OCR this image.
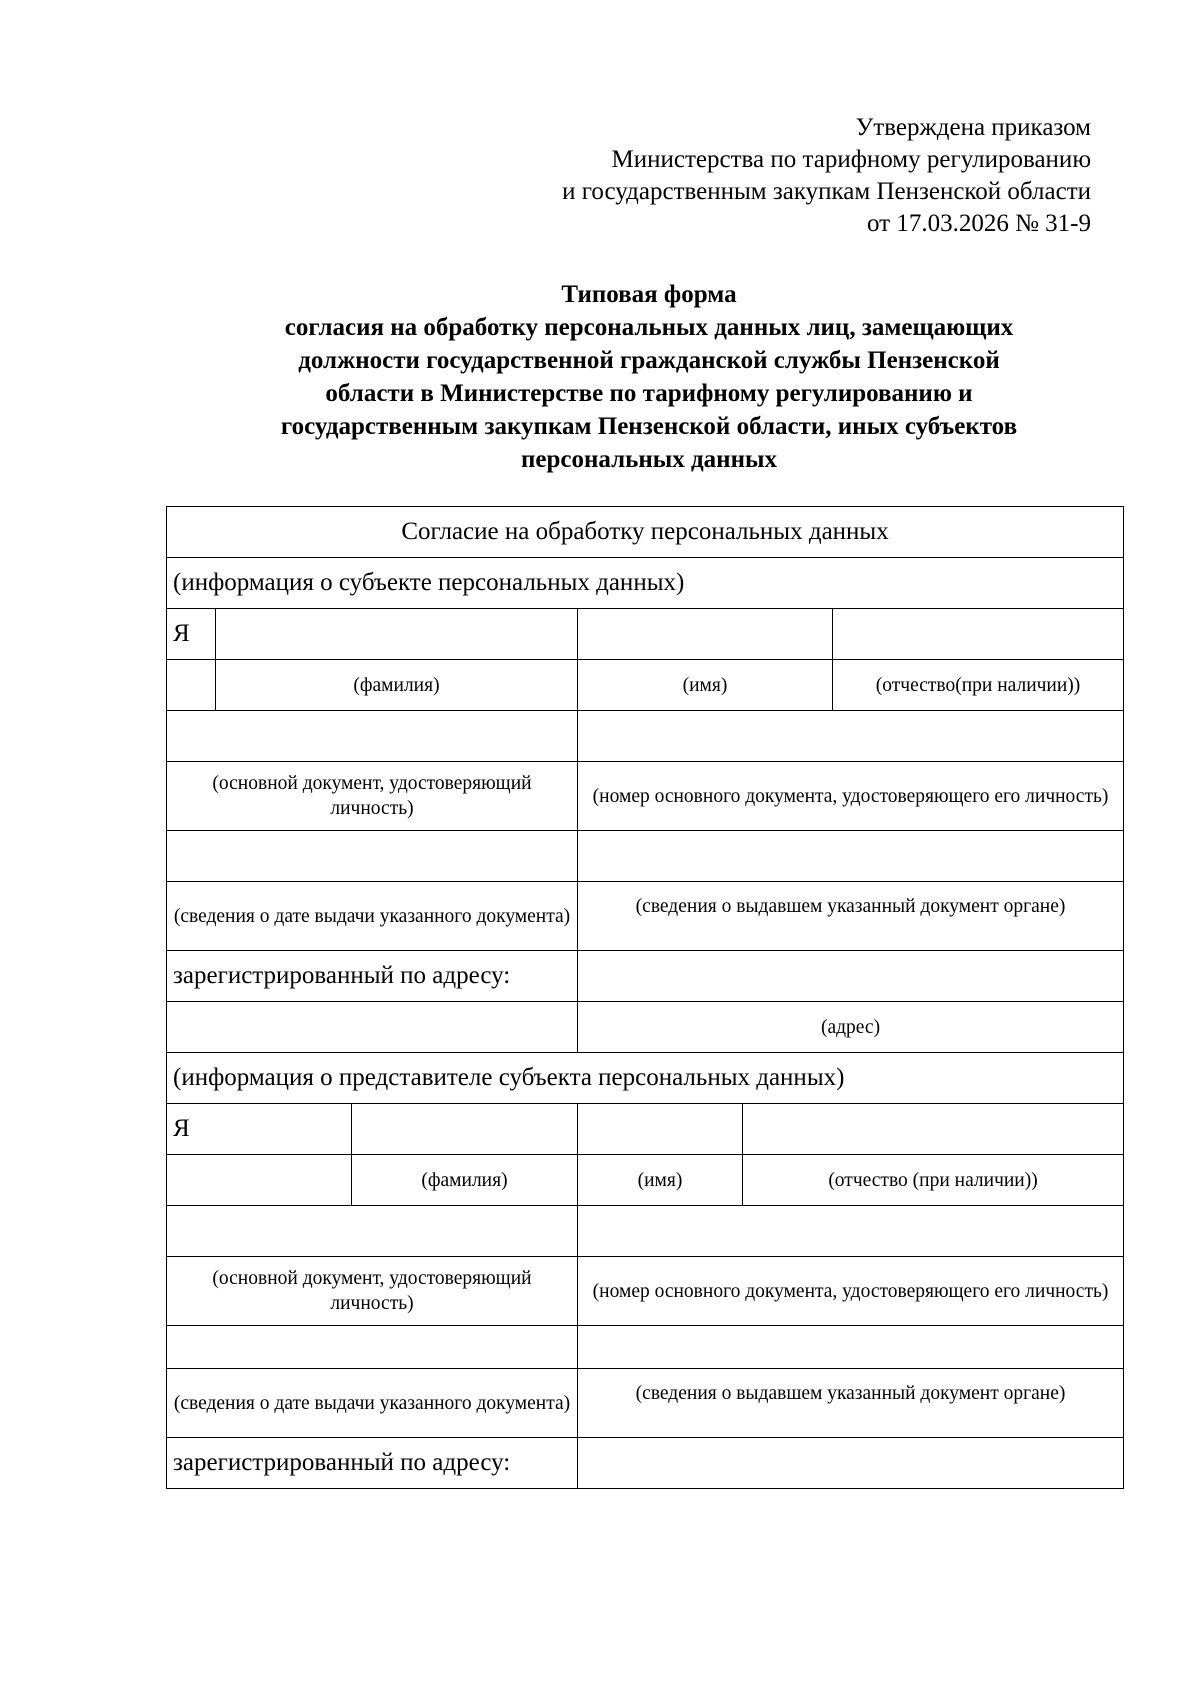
Утверждена приказом
Министерства по тарифному регулированию
и государственным закупкам Пензенской области
от 17.03.2026 № 31-9
Типовая форма
согласия на обработку персональных данных лиц, замещающих
должности государственной гражданской службы Пензенской
области в Министерстве по тарифному регулированию и
государственным закупкам Пензенской области, иных субъектов
персональных данных
Согласие на обработку персональных данных					
(информация о субъекте персональных данных)					
Я					
	(фамилия)		(имя)		(отчество(при наличии))

(основной документ, удостоверяющий личность)			(номер основного документа, удостоверяющего его личность)		

(сведения о дате выдачи указанного документа)			(сведения о выдавшем указанный документ органе)		
зарегистрированный по адресу:					
			(адрес)		
(информация о представителе субъекта персональных данных)					
Я					
		(фамилия)	(имя)	(отчество (при наличии))	

(основной документ, удостоверяющий личность)			(номер основного документа, удостоверяющего его личность)		

(сведения о дате выдачи указанного документа)			(сведения о выдавшем указанный документ органе)		
зарегистрированный по адресу:					
